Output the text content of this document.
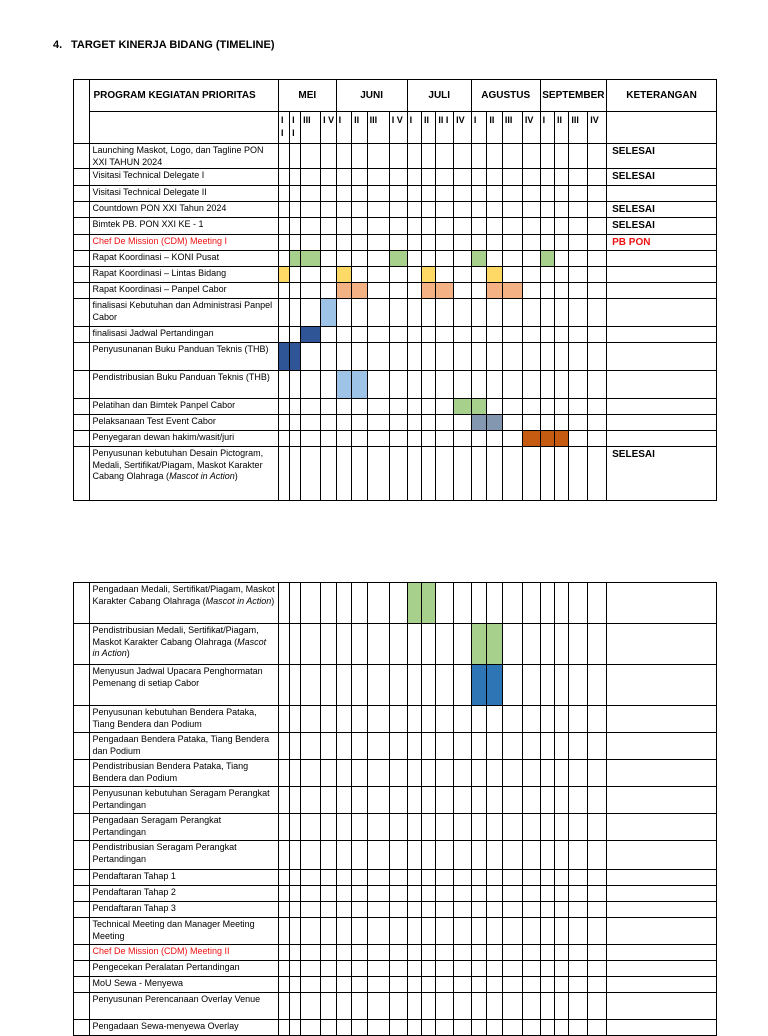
4. TARGET KINERJA BIDANG (TIMELINE)
	PROGRAM KEGIATAN PRIORITAS	MEI				JUNI				JULI				AGUSTUS				SEPTEMBER				KETERANGAN
		I I	I I	III	I V	I	II	III	I V	I	II	II I	IV	I	II	III	IV	I	II	III	IV	
	Launching Maskot, Logo, dan Tagline PON XXI TAHUN 2024																					SELESAI
	Visitasi Technical Delegate I																					SELESAI
	Visitasi Technical Delegate II																					
	Countdown PON XXI Tahun 2024																					SELESAI
	Bimtek PB. PON XXI KE - 1																					SELESAI
	Chef De Mission (CDM) Meeting I																					PB PON
	Rapat Koordinasi – KONI Pusat																					
	Rapat Koordinasi – Lintas Bidang																					
	Rapat Koordinasi – Panpel Cabor																					
	finalisasi Kebutuhan dan Administrasi Panpel Cabor																					
	finalisasi Jadwal Pertandingan																					
	Penyusunanan Buku Panduan Teknis (THB)																					
	Pendistribusian Buku Panduan Teknis (THB)																					
	Pelatihan dan Bimtek Panpel Cabor																					
	Pelaksanaan Test Event Cabor																					
	Penyegaran dewan hakim/wasit/juri																					
	Penyusunan kebutuhan Desain Pictogram, Medali, Sertifikat/Piagam, Maskot Karakter Cabang Olahraga (Mascot in Action)																					SELESAI
	Pengadaan Medali, Sertifikat/Piagam, Maskot Karakter Cabang Olahraga (Mascot in Action)																					
	Pendistribusian Medali, Sertifikat/Piagam, Maskot Karakter Cabang Olahraga (Mascot in Action)																					
	Menyusun Jadwal Upacara Penghormatan Pemenang di setiap Cabor																					
	Penyusunan kebutuhan Bendera Pataka, Tiang Bendera dan Podium																					
	Pengadaan Bendera Pataka, Tiang Bendera dan Podium																					
	Pendistribusian Bendera Pataka, Tiang Bendera dan Podium																					
	Penyusunan kebutuhan Seragam Perangkat Pertandingan																					
	Pengadaan Seragam Perangkat Pertandingan																					
	Pendistribusian Seragam Perangkat Pertandingan																					
	Pendaftaran Tahap 1																					
	Pendaftaran Tahap 2																					
	Pendaftaran Tahap 3																					
	Technical Meeting dan Manager Meeting Meeting																					
	Chef De Mission (CDM) Meeting II																					
	Pengecekan Peralatan Pertandingan																					
	MoU Sewa - Menyewa																					
	Penyusunan Perencanaan Overlay Venue																					
	Pengadaan Sewa-menyewa Overlay																					
